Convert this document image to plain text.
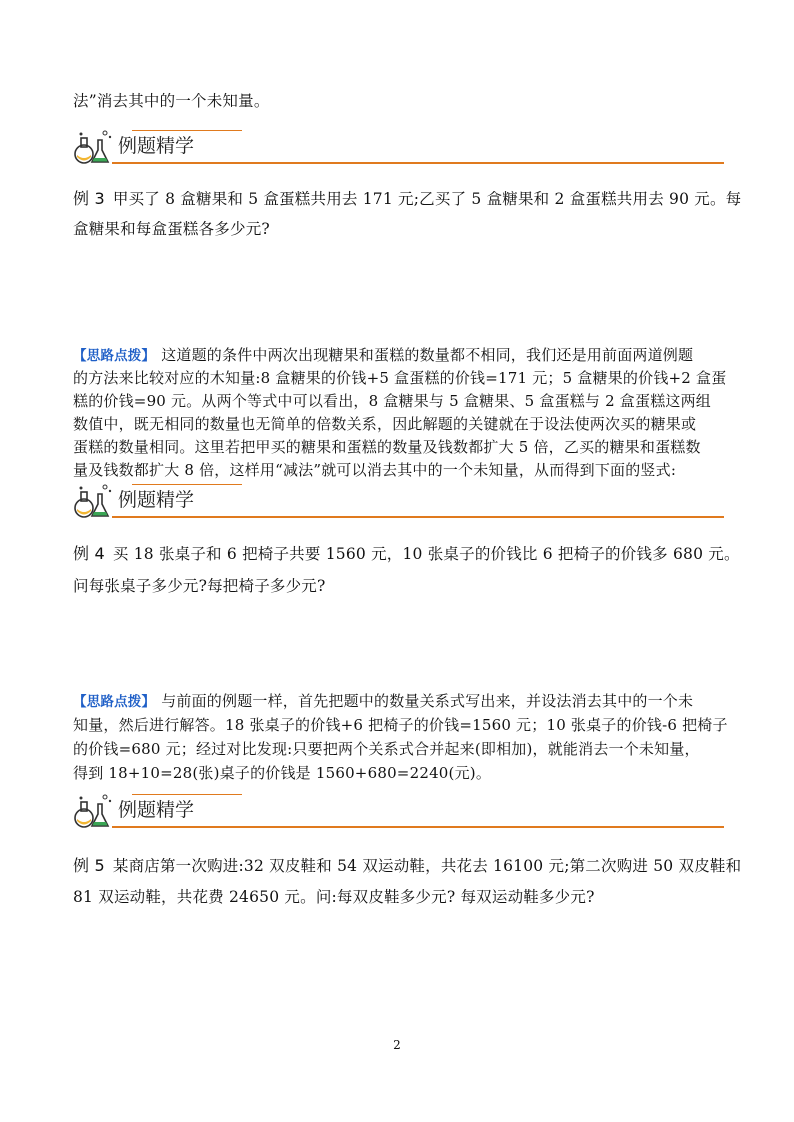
法”消去其中的一个未知量。
例题精学
例 3 甲买了 8 盒糖果和 5 盒蛋糕共用去 171 元;乙买了 5 盒糖果和 2 盒蛋糕共用去 90 元。每
盒糖果和每盒蛋糕各多少元?
【思路点拨】 这道题的条件中两次出现糖果和蛋糕的数量都不相同，我们还是用前面两道例题
的方法来比较对应的木知量:8 盒糖果的价钱+5 盒蛋糕的价钱=171 元；5 盒糖果的价钱+2 盒蛋
糕的价钱=90 元。从两个等式中可以看出，8 盒糖果与 5 盒糖果、5 盒蛋糕与 2 盒蛋糕这两组
数值中，既无相同的数量也无简单的倍数关系，因此解题的关键就在于设法使两次买的糖果或
蛋糕的数量相同。这里若把甲买的糖果和蛋糕的数量及钱数都扩大 5 倍，乙买的糖果和蛋糕数
量及钱数都扩大 8 倍，这样用“减法”就可以消去其中的一个未知量，从而得到下面的竖式:
例题精学
例 4 买 18 张桌子和 6 把椅子共要 1560 元，10 张桌子的价钱比 6 把椅子的价钱多 680 元。
问每张桌子多少元?每把椅子多少元?
【思路点拨】 与前面的例题一样，首先把题中的数量关系式写出来，并设法消去其中的一个未
知量，然后进行解答。18 张桌子的价钱+6 把椅子的价钱=1560 元；10 张桌子的价钱-6 把椅子
的价钱=680 元；经过对比发现:只要把两个关系式合并起来(即相加)，就能消去一个未知量，
得到 18+10=28(张)桌子的价钱是 1560+680=2240(元)。
例题精学
例 5 某商店第一次购进:32 双皮鞋和 54 双运动鞋，共花去 16100 元;第二次购进 50 双皮鞋和
81 双运动鞋，共花费 24650 元。问:每双皮鞋多少元? 每双运动鞋多少元?
2
